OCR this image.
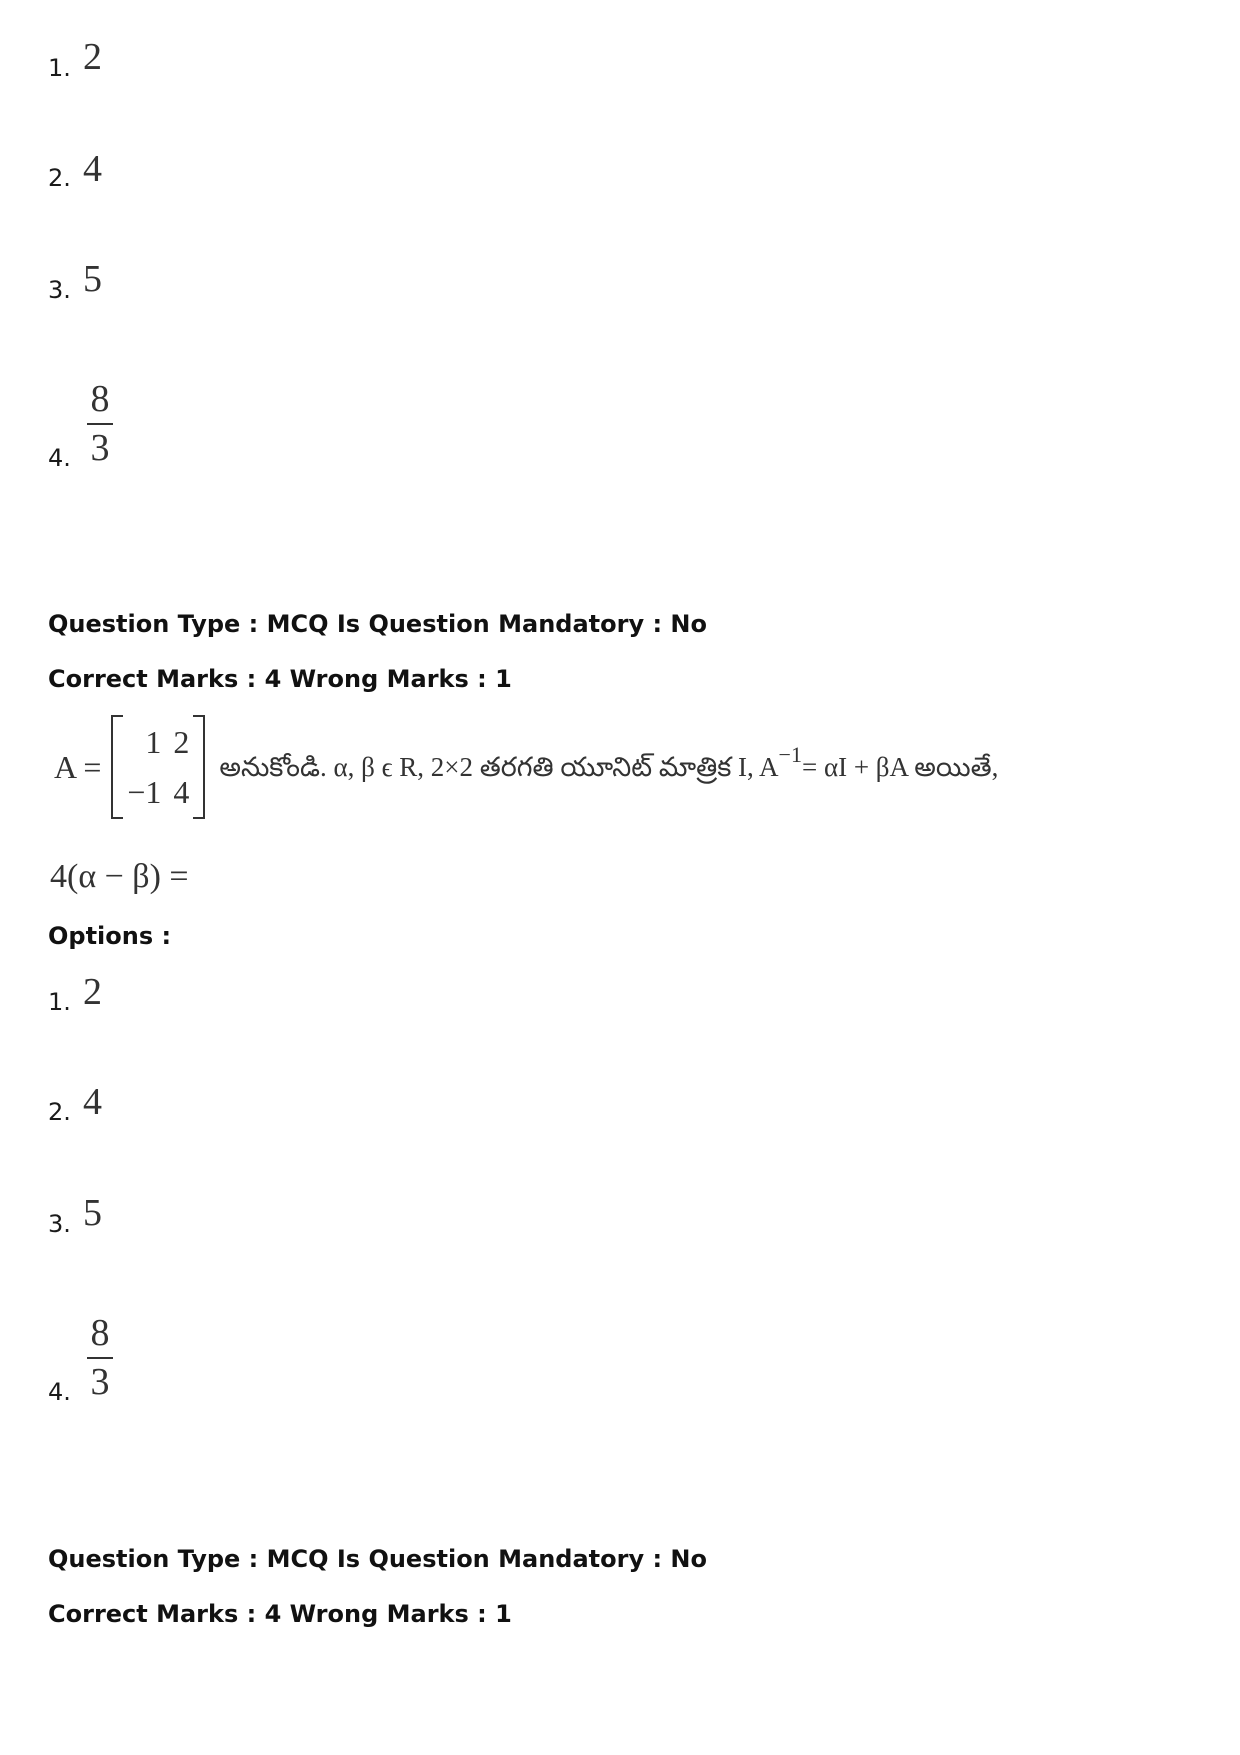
1. 2
2. 4
3. 5
4.
8
3
Question Type : MCQ Is Question Mandatory : No
Correct Marks : 4 Wrong Marks : 1
A =
1 2
−1 4
అనుకోండి. α, β ϵ R, 2×2 తరగతి యూనిట్ మాత్రిక I, $A^{-1} = \alpha I + \beta A$ అయితే,
4(α − β) =
Options :
1. 2
2. 4
3. 5
4.
8
3
Question Type : MCQ Is Question Mandatory : No
Correct Marks : 4 Wrong Marks : 1
